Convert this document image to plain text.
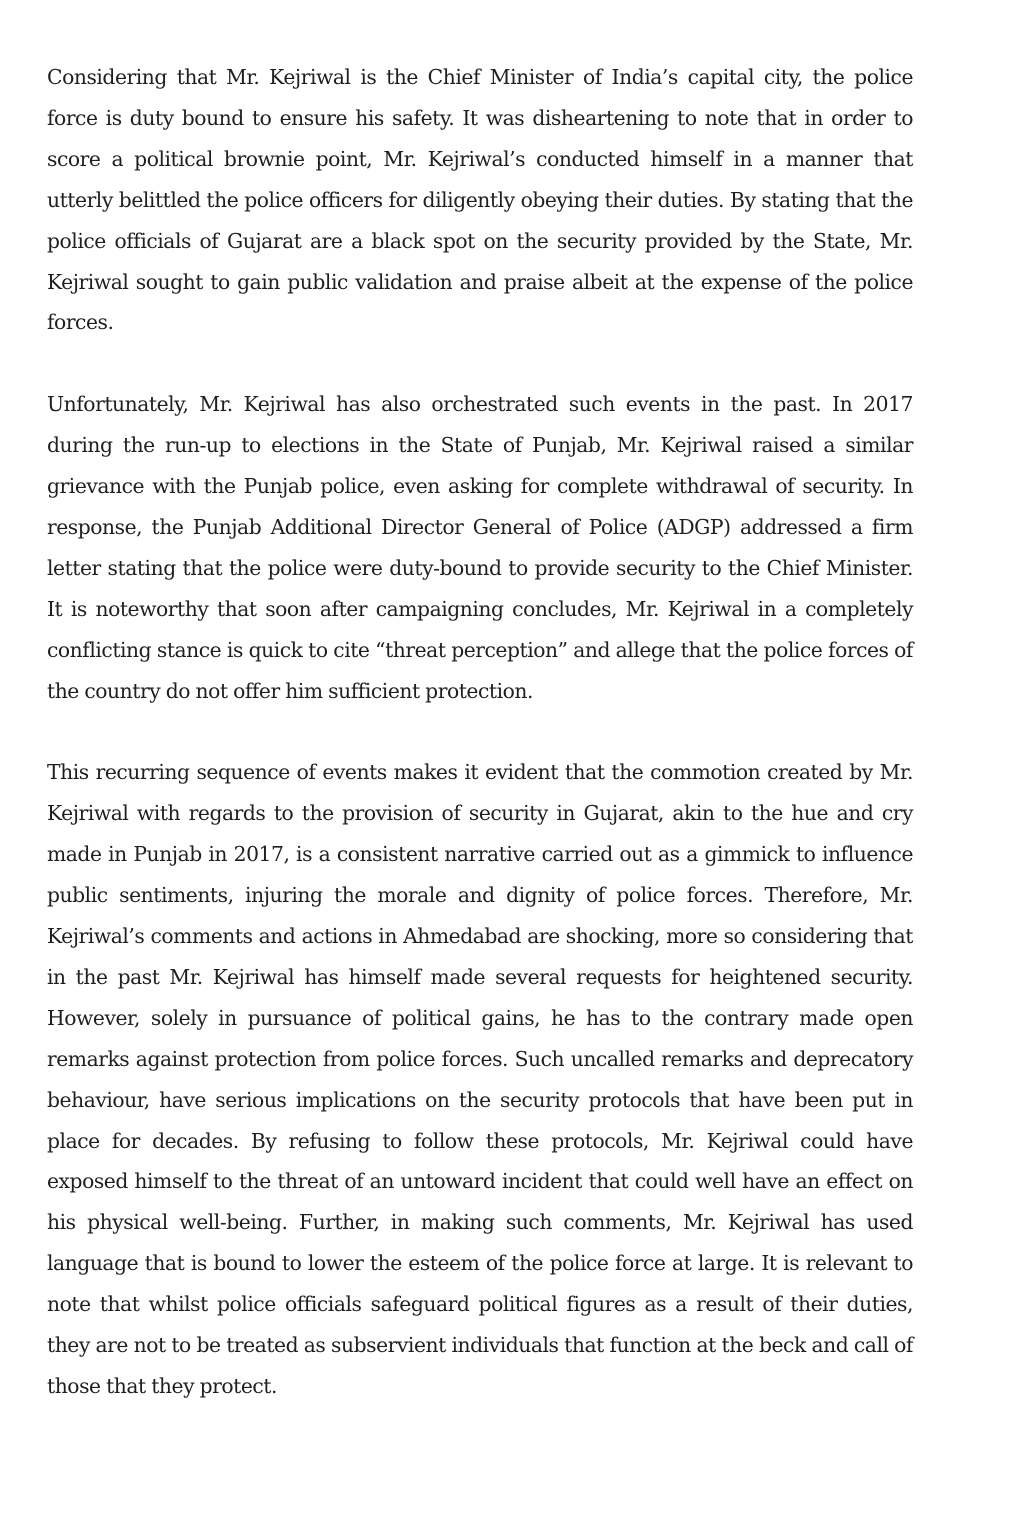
Considering that Mr. Kejriwal is the Chief Minister of India’s capital city, the police force is duty bound to ensure his safety. It was disheartening to note that in order to score a political brownie point, Mr. Kejriwal’s conducted himself in a manner that utterly belittled the police officers for diligently obeying their duties. By stating that the police officials of Gujarat are a black spot on the security provided by the State, Mr. Kejriwal sought to gain public validation and praise albeit at the expense of the police forces.

Unfortunately, Mr. Kejriwal has also orchestrated such events in the past. In 2017 during the run-up to elections in the State of Punjab, Mr. Kejriwal raised a similar grievance with the Punjab police, even asking for complete withdrawal of security. In response, the Punjab Additional Director General of Police (ADGP) addressed a firm letter stating that the police were duty-bound to provide security to the Chief Minister. It is noteworthy that soon after campaigning concludes, Mr. Kejriwal in a completely conflicting stance is quick to cite “threat perception” and allege that the police forces of the country do not offer him sufficient protection.

This recurring sequence of events makes it evident that the commotion created by Mr. Kejriwal with regards to the provision of security in Gujarat, akin to the hue and cry made in Punjab in 2017, is a consistent narrative carried out as a gimmick to influence public sentiments, injuring the morale and dignity of police forces. Therefore, Mr. Kejriwal’s comments and actions in Ahmedabad are shocking, more so considering that in the past Mr. Kejriwal has himself made several requests for heightened security. However, solely in pursuance of political gains, he has to the contrary made open remarks against protection from police forces. Such uncalled remarks and deprecatory behaviour, have serious implications on the security protocols that have been put in place for decades. By refusing to follow these protocols, Mr. Kejriwal could have exposed himself to the threat of an untoward incident that could well have an effect on his physical well-being. Further, in making such comments, Mr. Kejriwal has used language that is bound to lower the esteem of the police force at large. It is relevant to note that whilst police officials safeguard political figures as a result of their duties, they are not to be treated as subservient individuals that function at the beck and call of those that they protect.
